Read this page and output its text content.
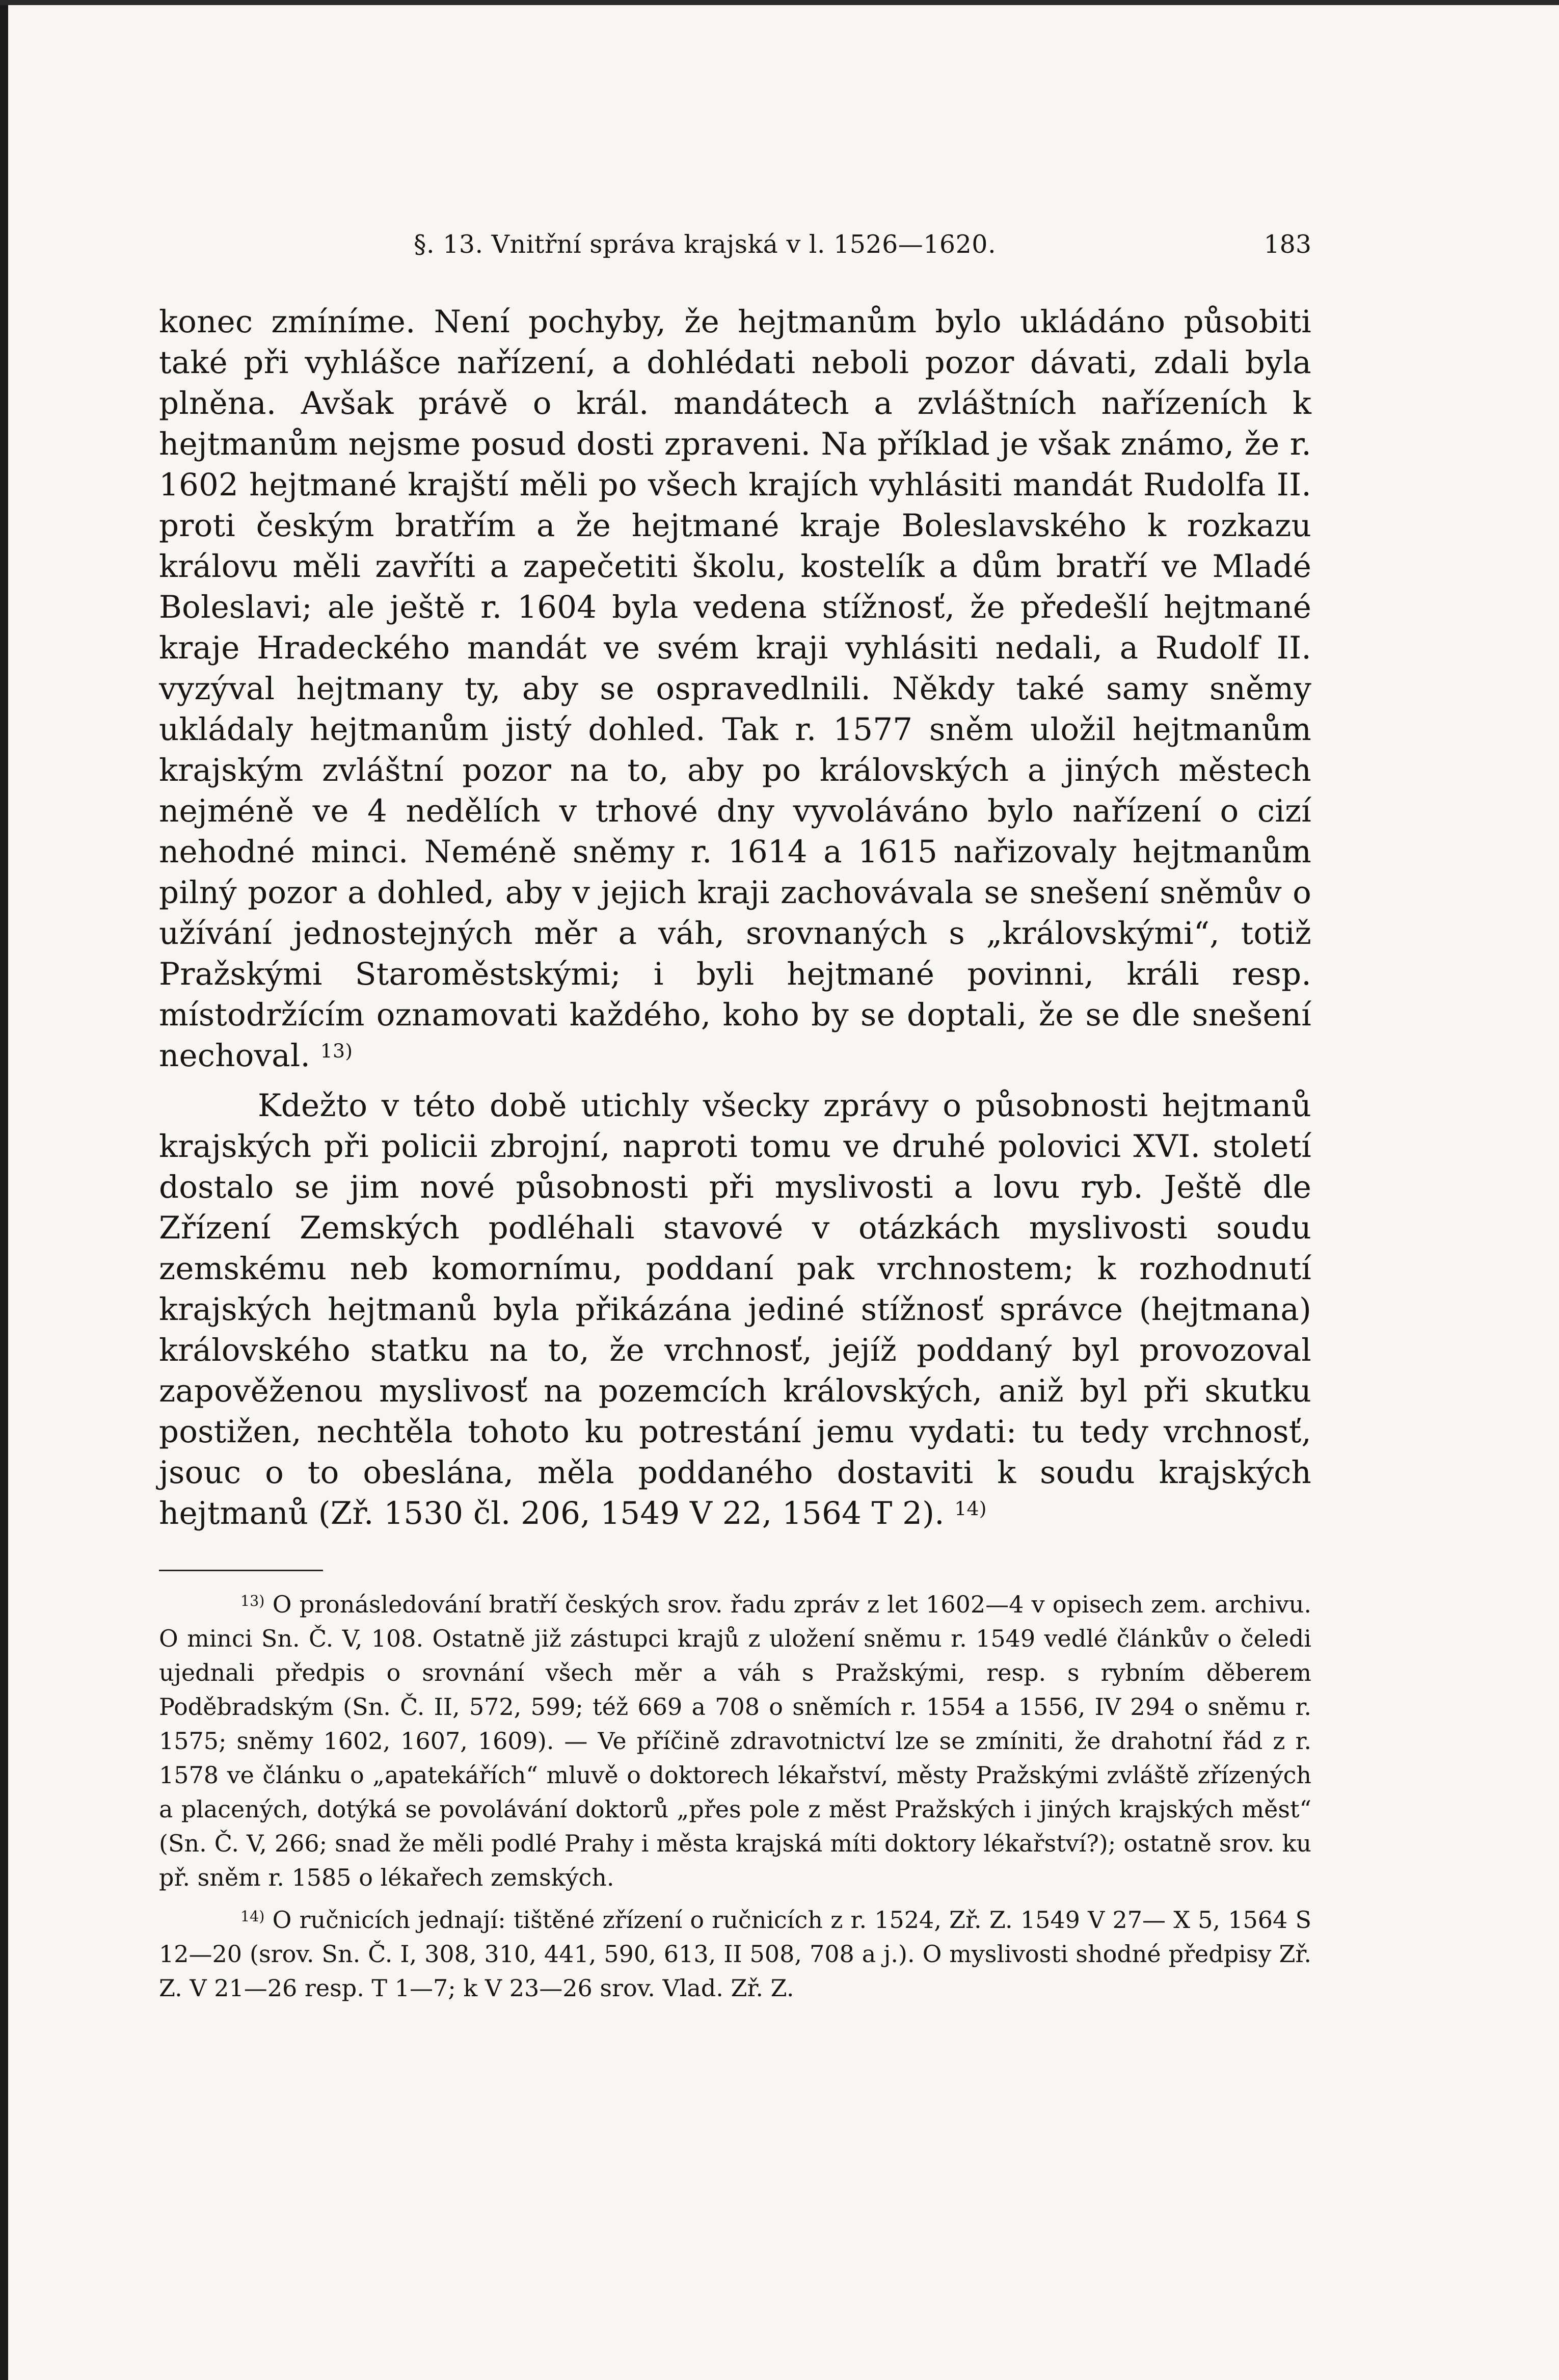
§. 13. Vnitřní správa krajská v l. 1526—1620.	183

konec zmíníme. Není pochyby, že hejtmanům bylo ukládáno působiti také při vyhlášce nařízení, a dohlédati neboli pozor dávati, zdali byla plněna. Avšak právě o král. mandátech a zvláštních nařízeních k hejtmanům nejsme posud dosti zpraveni. Na příklad je však známo, že r. 1602 hejtmané krajští měli po všech krajích vyhlásiti mandát Rudolfa II. proti českým bratřím a že hejtmané kraje Boleslavského k rozkazu královu měli zavříti a zapečetiti školu, kostelík a dům bratří ve Mladé Boleslavi; ale ještě r. 1604 byla vedena stížnosť, že předešlí hejtmané kraje Hradeckého mandát ve svém kraji vyhlásiti nedali, a Rudolf II. vyzýval hejtmany ty, aby se ospravedlnili. Někdy také samy sněmy ukládaly hejtmanům jistý dohled. Tak r. 1577 sněm uložil hejtmanům krajským zvláštní pozor na to, aby po královských a jiných městech nejméně ve 4 nedělích v trhové dny vyvoláváno bylo nařízení o cizí nehodné minci. Neméně sněmy r. 1614 a 1615 nařizovaly hejtmanům pilný pozor a dohled, aby v jejich kraji zachovávala se snešení sněmův o užívání jednostejných měr a váh, srovnaných s „královskými“, totiž Pražskými Staroměstskými; i byli hejtmané povinni, králi resp. místodržícím oznamovati každého, koho by se doptali, že se dle snešení nechoval. $^{13)}$

Kdežto v této době utichly všecky zprávy o působnosti hejtmanů krajských při policii zbrojní, naproti tomu ve druhé polovici XVI. století dostalo se jim nové působnosti při myslivosti a lovu ryb. Ještě dle Zřízení Zemských podléhali stavové v otázkách myslivosti soudu zemskému neb komornímu, poddaní pak vrchnostem; k rozhodnutí krajských hejtmanů byla přikázána jediné stížnosť správce (hejtmana) královského statku na to, že vrchnosť, jejíž poddaný byl provozoval zapověženou myslivosť na pozemcích královských, aniž byl při skutku postižen, nechtěla tohoto ku potrestání jemu vydati: tu tedy vrchnosť, jsouc o to obeslána, měla poddaného dostaviti k soudu krajských hejtmanů (Zř. 1530 čl. 206, 1549 V 22, 1564 T 2). $^{14)}$

$^{13)}$ O pronásledování bratří českých srov. řadu zpráv z let 1602—4 v opisech zem. archivu. O minci Sn. Č. V, 108. Ostatně již zástupci krajů z uložení sněmu r. 1549 vedlé článkův o čeledi ujednali předpis o srovnání všech měr a váh s Pražskými, resp. s rybním děberem Poděbradským (Sn. Č. II, 572, 599; též 669 a 708 o sněmích r. 1554 a 1556, IV 294 o sněmu r. 1575; sněmy 1602, 1607, 1609). — Ve příčině zdravotnictví lze se zmíniti, že drahotní řád z r. 1578 ve článku o „apatekářích“ mluvě o doktorech lékařství, městy Pražskými zvláště zřízených a placených, dotýká se povolávání doktorů „přes pole z měst Pražských i jiných krajských měst“ (Sn. Č. V, 266; snad že měli podlé Prahy i města krajská míti doktory lékařství?); ostatně srov. ku př. sněm r. 1585 o lékařech zemských.

$^{14)}$ O ručnicích jednají: tištěné zřízení o ručnicích z r. 1524, Zř. Z. 1549 V 27— X 5, 1564 S 12—20 (srov. Sn. Č. I, 308, 310, 441, 590, 613, II 508, 708 a j.). O myslivosti shodné předpisy Zř. Z. V 21—26 resp. T 1—7; k V 23—26 srov. Vlad. Zř. Z.
